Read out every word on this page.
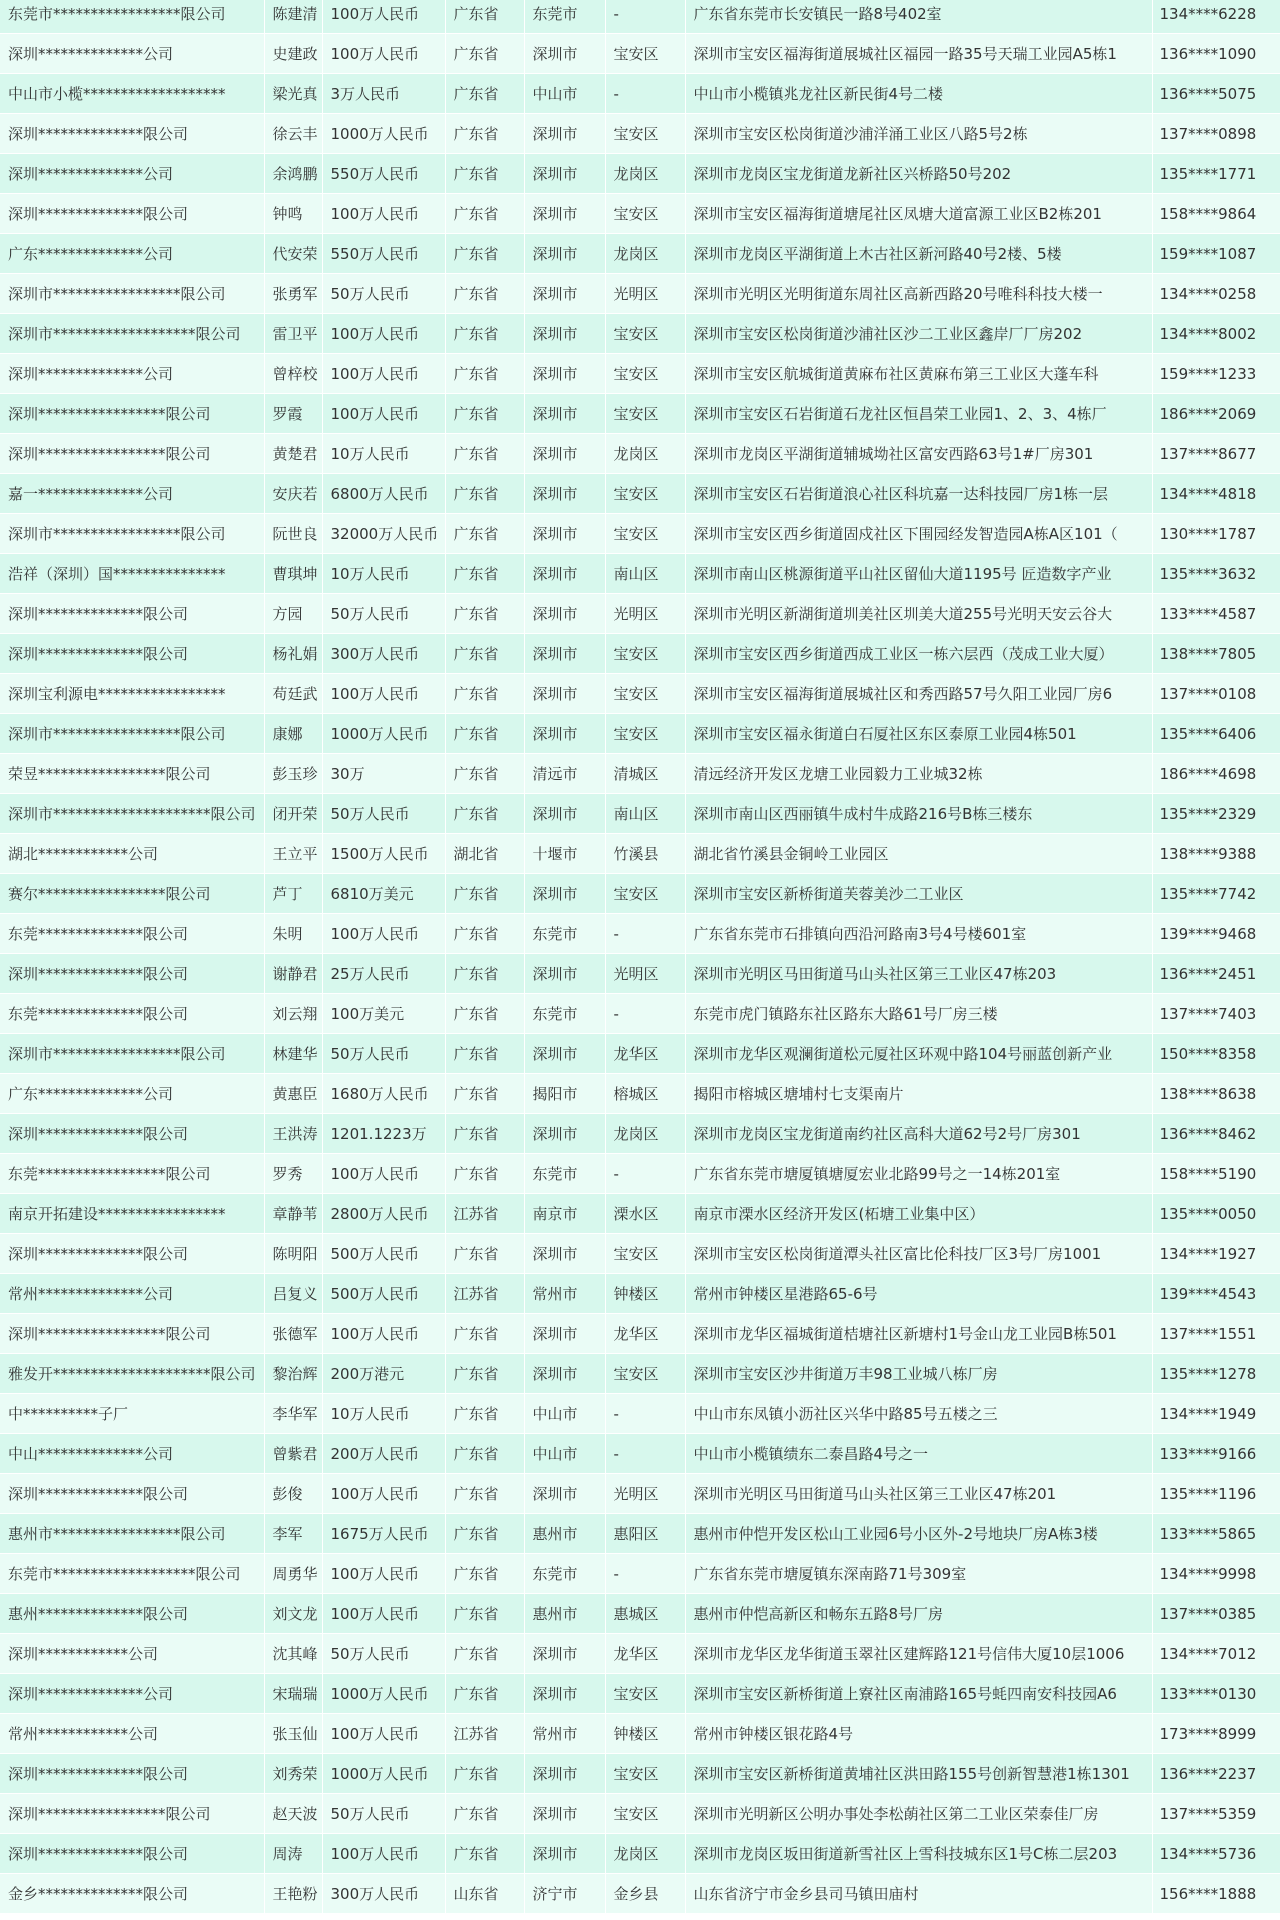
东莞市*****************限公司	陈建清	100万人民币	广东省	东莞市	-	广东省东莞市长安镇民一路8号402室	134****6228
深圳**************公司	史建政	100万人民币	广东省	深圳市	宝安区	深圳市宝安区福海街道展城社区福园一路35号天瑞工业园A5栋1	136****1090
中山市小榄*******************	梁光真	3万人民币	广东省	中山市	-	中山市小榄镇兆龙社区新民街4号二楼	136****5075
深圳**************限公司	徐云丰	1000万人民币	广东省	深圳市	宝安区	深圳市宝安区松岗街道沙浦洋涌工业区八路5号2栋	137****0898
深圳**************公司	余鸿鹏	550万人民币	广东省	深圳市	龙岗区	深圳市龙岗区宝龙街道龙新社区兴桥路50号202	135****1771
深圳**************限公司	钟鸣	100万人民币	广东省	深圳市	宝安区	深圳市宝安区福海街道塘尾社区凤塘大道富源工业区B2栋201	158****9864
广东**************公司	代安荣	550万人民币	广东省	深圳市	龙岗区	深圳市龙岗区平湖街道上木古社区新河路40号2楼、5楼	159****1087
深圳市*****************限公司	张勇军	50万人民币	广东省	深圳市	光明区	深圳市光明区光明街道东周社区高新西路20号唯科科技大楼一	134****0258
深圳市*******************限公司	雷卫平	100万人民币	广东省	深圳市	宝安区	深圳市宝安区松岗街道沙浦社区沙二工业区鑫岸厂厂房202	134****8002
深圳**************公司	曾梓校	100万人民币	广东省	深圳市	宝安区	深圳市宝安区航城街道黄麻布社区黄麻布第三工业区大蓬车科	159****1233
深圳*****************限公司	罗霞	100万人民币	广东省	深圳市	宝安区	深圳市宝安区石岩街道石龙社区恒昌荣工业园1、2、3、4栋厂	186****2069
深圳*****************限公司	黄楚君	10万人民币	广东省	深圳市	龙岗区	深圳市龙岗区平湖街道辅城坳社区富安西路63号1#厂房301	137****8677
嘉一**************公司	安庆若	6800万人民币	广东省	深圳市	宝安区	深圳市宝安区石岩街道浪心社区科坑嘉一达科技园厂房1栋一层	134****4818
深圳市*****************限公司	阮世良	32000万人民币	广东省	深圳市	宝安区	深圳市宝安区西乡街道固戍社区下围园经发智造园A栋A区101（	130****1787
浩祥（深圳）国***************	曹琪坤	10万人民币	广东省	深圳市	南山区	深圳市南山区桃源街道平山社区留仙大道1195号 匠造数字产业	135****3632
深圳**************限公司	方园	50万人民币	广东省	深圳市	光明区	深圳市光明区新湖街道圳美社区圳美大道255号光明天安云谷大	133****4587
深圳**************限公司	杨礼娟	300万人民币	广东省	深圳市	宝安区	深圳市宝安区西乡街道西成工业区一栋六层西（茂成工业大厦）	138****7805
深圳宝利源电*****************	苟廷武	100万人民币	广东省	深圳市	宝安区	深圳市宝安区福海街道展城社区和秀西路57号久阳工业园厂房6	137****0108
深圳市*****************限公司	康娜	1000万人民币	广东省	深圳市	宝安区	深圳市宝安区福永街道白石厦社区东区泰原工业园4栋501	135****6406
荣昱*****************限公司	彭玉珍	30万	广东省	清远市	清城区	清远经济开发区龙塘工业园毅力工业城32栋	186****4698
深圳市*********************限公司	闭开荣	50万人民币	广东省	深圳市	南山区	深圳市南山区西丽镇牛成村牛成路216号B栋三楼东	135****2329
湖北************公司	王立平	1500万人民币	湖北省	十堰市	竹溪县	湖北省竹溪县金铜岭工业园区	138****9388
赛尔*****************限公司	芦丁	6810万美元	广东省	深圳市	宝安区	深圳市宝安区新桥街道芙蓉美沙二工业区	135****7742
东莞**************限公司	朱明	100万人民币	广东省	东莞市	-	广东省东莞市石排镇向西沿河路南3号4号楼601室	139****9468
深圳**************限公司	谢静君	25万人民币	广东省	深圳市	光明区	深圳市光明区马田街道马山头社区第三工业区47栋203	136****2451
东莞**************限公司	刘云翔	100万美元	广东省	东莞市	-	东莞市虎门镇路东社区路东大路61号厂房三楼	137****7403
深圳市*****************限公司	林建华	50万人民币	广东省	深圳市	龙华区	深圳市龙华区观澜街道松元厦社区环观中路104号丽蓝创新产业	150****8358
广东**************公司	黄惠臣	1680万人民币	广东省	揭阳市	榕城区	揭阳市榕城区塘埔村七支渠南片	138****8638
深圳**************限公司	王洪涛	1201.1223万	广东省	深圳市	龙岗区	深圳市龙岗区宝龙街道南约社区高科大道62号2号厂房301	136****8462
东莞*****************限公司	罗秀	100万人民币	广东省	东莞市	-	广东省东莞市塘厦镇塘厦宏业北路99号之一14栋201室	158****5190
南京开拓建设*****************	章静苇	2800万人民币	江苏省	南京市	溧水区	南京市溧水区经济开发区(柘塘工业集中区）	135****0050
深圳**************限公司	陈明阳	500万人民币	广东省	深圳市	宝安区	深圳市宝安区松岗街道潭头社区富比伦科技厂区3号厂房1001	134****1927
常州**************公司	吕复义	500万人民币	江苏省	常州市	钟楼区	常州市钟楼区星港路65-6号	139****4543
深圳*****************限公司	张德军	100万人民币	广东省	深圳市	龙华区	深圳市龙华区福城街道桔塘社区新塘村1号金山龙工业园B栋501	137****1551
雅发开*********************限公司	黎治辉	200万港元	广东省	深圳市	宝安区	深圳市宝安区沙井街道万丰98工业城八栋厂房	135****1278
中**********子厂	李华军	10万人民币	广东省	中山市	-	中山市东凤镇小沥社区兴华中路85号五楼之三	134****1949
中山**************公司	曾紫君	200万人民币	广东省	中山市	-	中山市小榄镇绩东二泰昌路4号之一	133****9166
深圳**************限公司	彭俊	100万人民币	广东省	深圳市	光明区	深圳市光明区马田街道马山头社区第三工业区47栋201	135****1196
惠州市*****************限公司	李军	1675万人民币	广东省	惠州市	惠阳区	惠州市仲恺开发区松山工业园6号小区外-2号地块厂房A栋3楼	133****5865
东莞市*******************限公司	周勇华	100万人民币	广东省	东莞市	-	广东省东莞市塘厦镇东深南路71号309室	134****9998
惠州**************限公司	刘文龙	100万人民币	广东省	惠州市	惠城区	惠州市仲恺高新区和畅东五路8号厂房	137****0385
深圳************公司	沈其峰	50万人民币	广东省	深圳市	龙华区	深圳市龙华区龙华街道玉翠社区建辉路121号信伟大厦10层1006	134****7012
深圳**************公司	宋瑞瑞	1000万人民币	广东省	深圳市	宝安区	深圳市宝安区新桥街道上寮社区南浦路165号蚝四南安科技园A6	133****0130
常州************公司	张玉仙	100万人民币	江苏省	常州市	钟楼区	常州市钟楼区银花路4号	173****8999
深圳**************限公司	刘秀荣	1000万人民币	广东省	深圳市	宝安区	深圳市宝安区新桥街道黄埔社区洪田路155号创新智慧港1栋1301	136****2237
深圳*****************限公司	赵天波	50万人民币	广东省	深圳市	宝安区	深圳市光明新区公明办事处李松蓢社区第二工业区荣泰佳厂房	137****5359
深圳**************限公司	周涛	100万人民币	广东省	深圳市	龙岗区	深圳市龙岗区坂田街道新雪社区上雪科技城东区1号C栋二层203	134****5736
金乡**************限公司	王艳粉	300万人民币	山东省	济宁市	金乡县	山东省济宁市金乡县司马镇田庙村	156****1888
